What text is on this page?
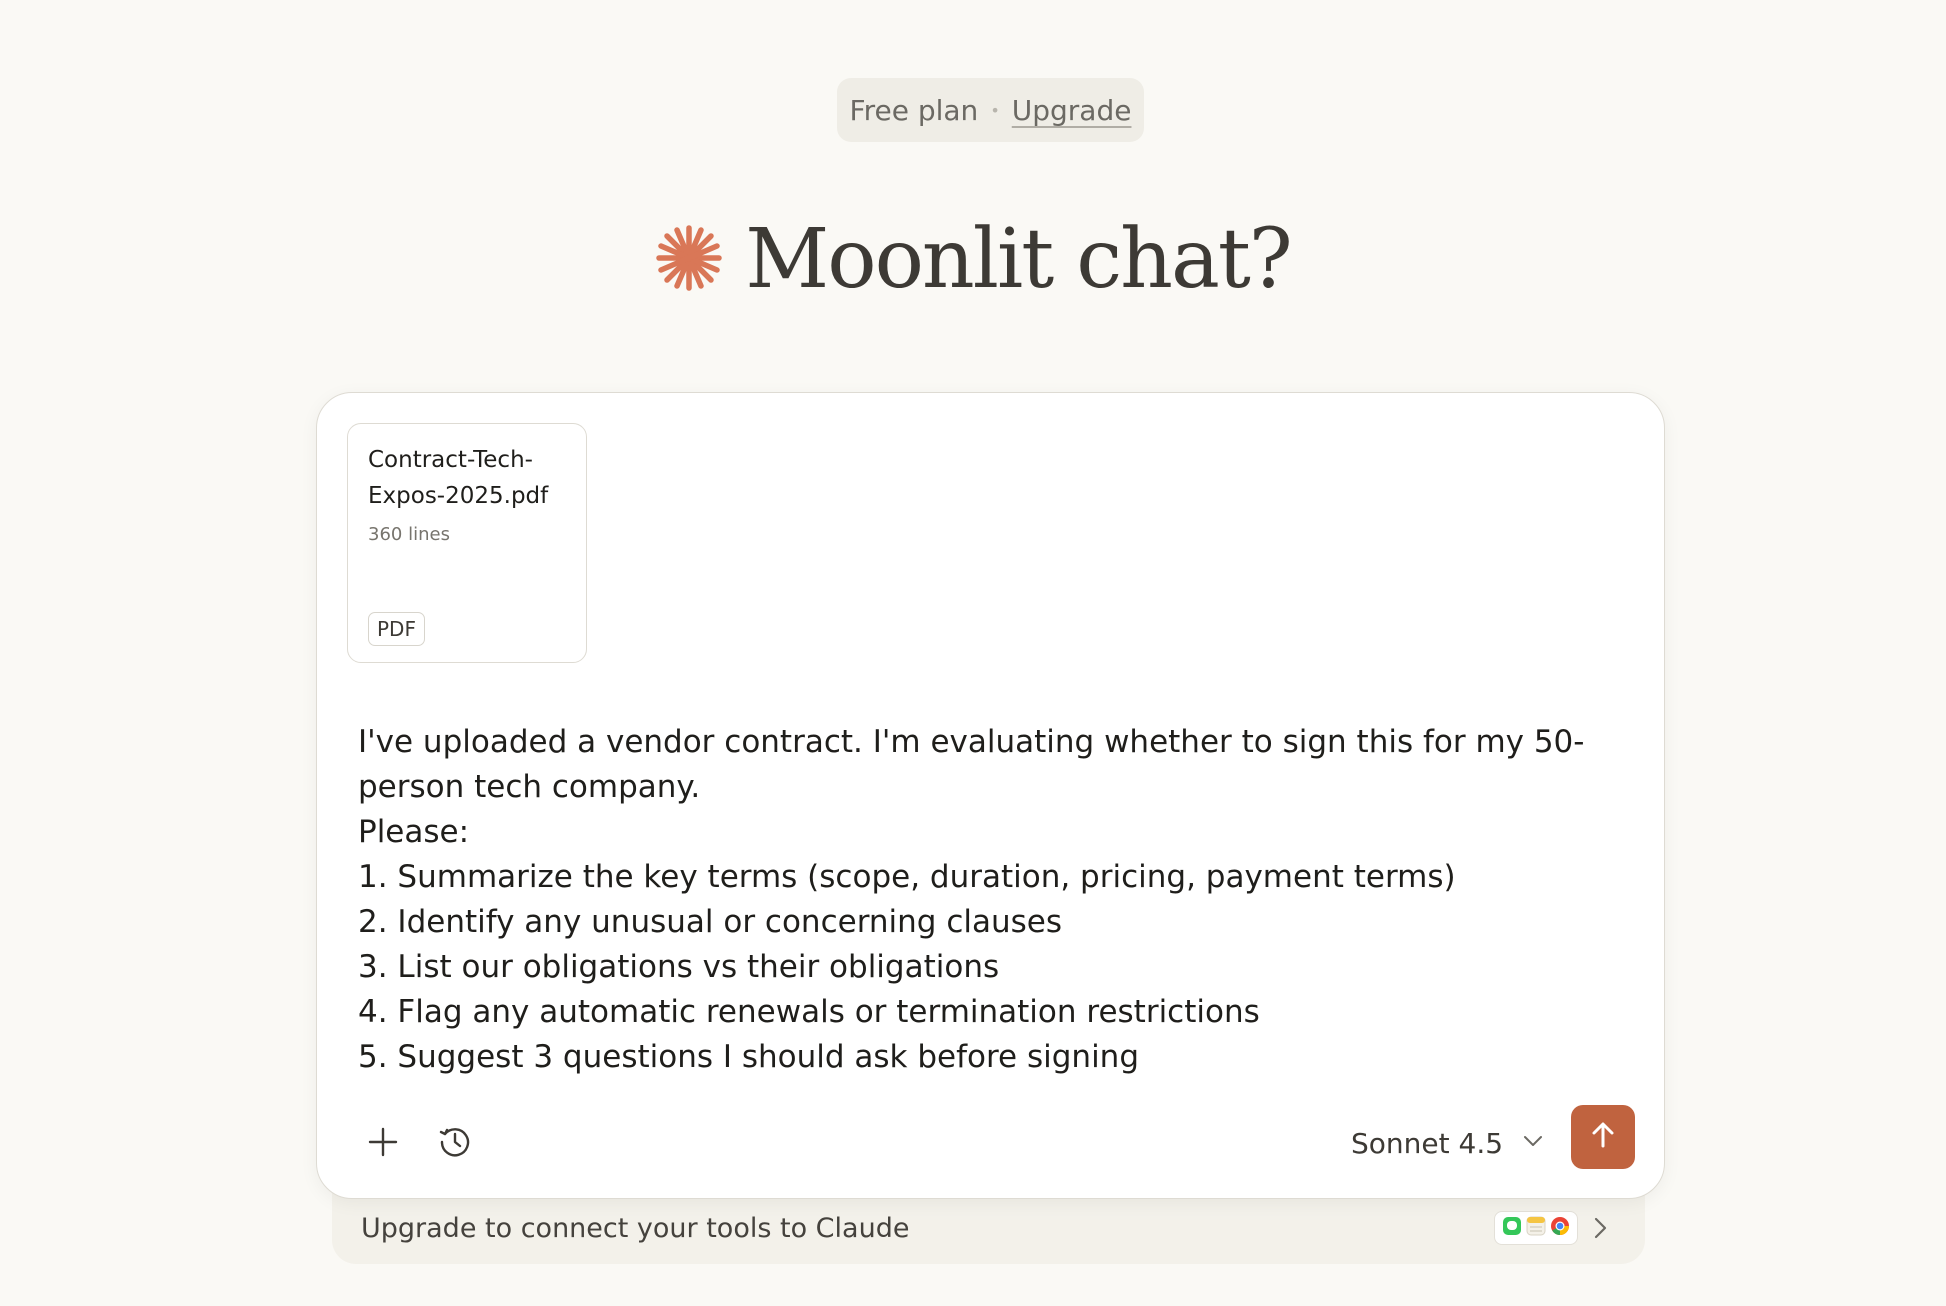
Free plan • Upgrade
Moonlit chat?
Contract-Tech-Expos-2025.pdf
360 lines
PDF
I've uploaded a vendor contract. I'm evaluating whether to sign this for my 50-person tech company.
Please:
1. Summarize the key terms (scope, duration, pricing, payment terms)
2. Identify any unusual or concerning clauses
3. List our obligations vs their obligations
4. Flag any automatic renewals or termination restrictions
5. Suggest 3 questions I should ask before signing
Sonnet 4.5
Upgrade to connect your tools to Claude
